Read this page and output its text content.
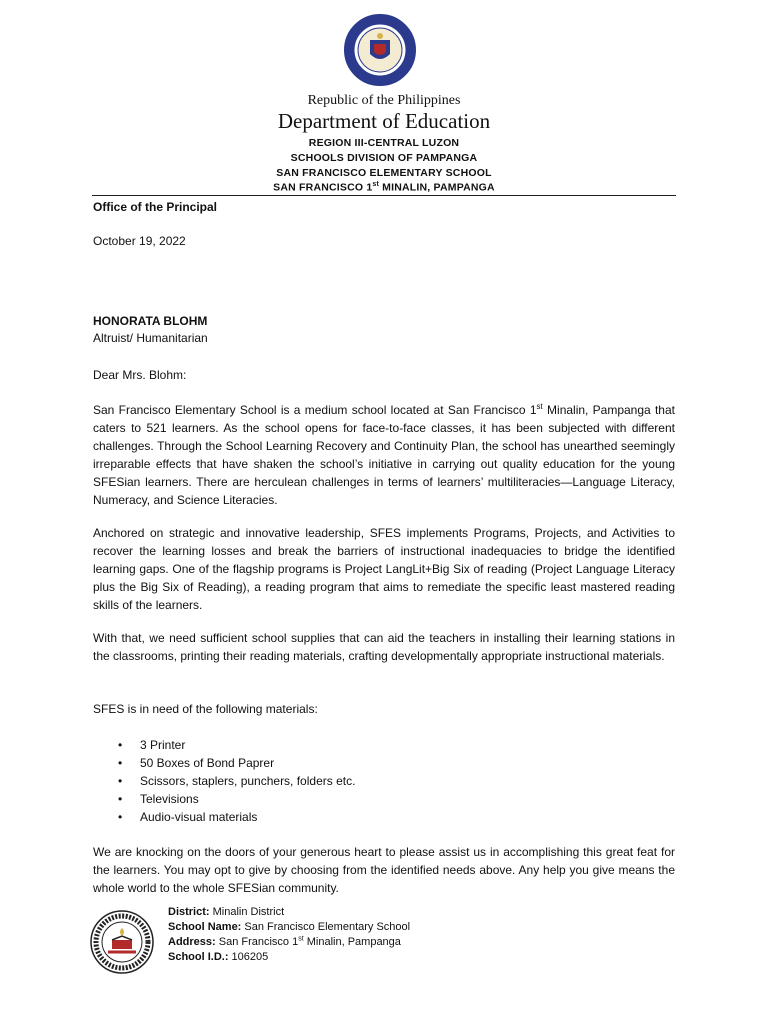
Republic of the Philippines
Department of Education
REGION III-CENTRAL LUZON
SCHOOLS DIVISION OF PAMPANGA
SAN FRANCISCO ELEMENTARY SCHOOL
SAN FRANCISCO 1st MINALIN, PAMPANGA
Office of the Principal
October 19, 2022
HONORATA BLOHM
Altruist/ Humanitarian
Dear Mrs. Blohm:
San Francisco Elementary School is a medium school located at San Francisco 1st Minalin, Pampanga that caters to 521 learners. As the school opens for face-to-face classes, it has been subjected with different challenges. Through the School Learning Recovery and Continuity Plan, the school has unearthed seemingly irreparable effects that have shaken the school’s initiative in carrying out quality education for the young SFESian learners. There are herculean challenges in terms of learners’ multiliteracies—Language Literacy, Numeracy, and Science Literacies.
Anchored on strategic and innovative leadership, SFES implements Programs, Projects, and Activities to recover the learning losses and break the barriers of instructional inadequacies to bridge the identified learning gaps. One of the flagship programs is Project LangLit+Big Six of reading (Project Language Literacy plus the Big Six of Reading), a reading program that aims to remediate the specific least mastered reading skills of the learners.
With that, we need sufficient school supplies that can aid the teachers in installing their learning stations in the classrooms, printing their reading materials, crafting developmentally appropriate instructional materials.
SFES is in need of the following materials:
• 3 Printer
• 50 Boxes of Bond Paprer
• Scissors, staplers, punchers, folders etc.
• Televisions
• Audio-visual materials
We are knocking on the doors of your generous heart to please assist us in accomplishing this great feat for the learners. You may opt to give by choosing from the identified needs above. Any help you give means the whole world to the whole SFESian community.
District: Minalin District
School Name: San Francisco Elementary School
Address: San Francisco 1st Minalin, Pampanga
School I.D.: 106205
